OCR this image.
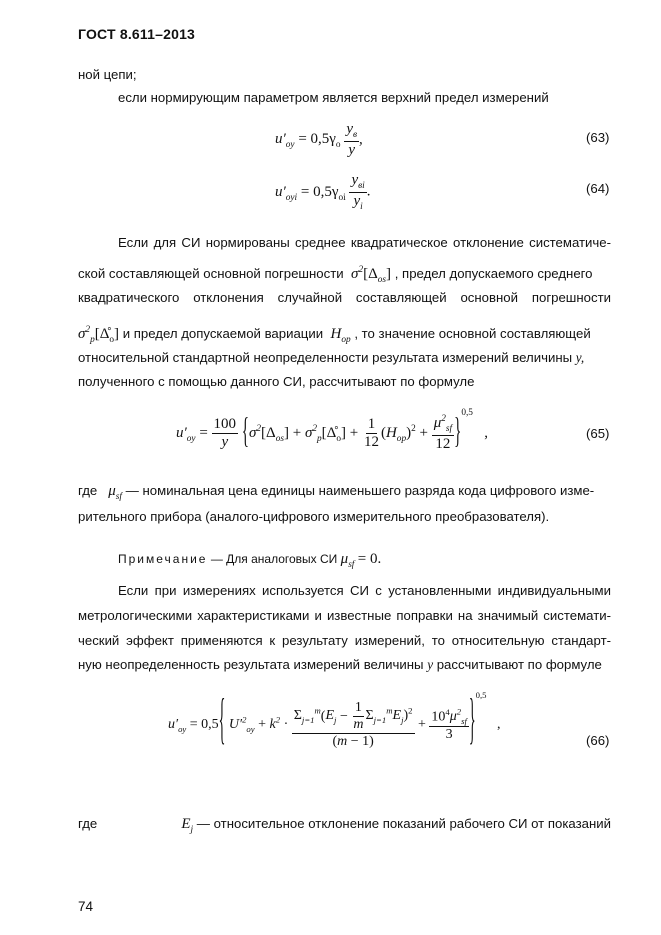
ГОСТ 8.611–2013
ной цепи;
если нормирующим параметром является верхний предел измерений
$u'_{oy} = 0,5\gamma_o \frac{y_в}{y}$ ,	(63)
$u'_{oyi} = 0,5\gamma_{oi} \frac{y_{вi}}{y_i}$ .	(64)
Если для СИ нормированы среднее квадратическое отклонение систематиче-
ской составляющей основной погрешности  $\sigma^2[\Delta_{os}]$ , предел допускаемого среднего
квадратического отклонения случайной составляющей основной погрешности
$\sigma^2_p[\Deltå_o]$ и предел допускаемой вариации  $H_{op}$ , то значение основной составляющей
относительной стандартной неопределенности результата измерений величины y,
полученного с помощью данного СИ, рассчитывают по формуле
$u'_{oy} = \frac{100}{y} \{\sigma^2[\Delta_{os}]$ + $\sigma^2_p[\Deltå_o] + \frac{1}{12} (H_{op})^2 + \frac{\mu^2_{sf}}{12} \}^{0,5}$   ,	(65)
где $\mu_{sf}$ — номинальная цена единицы наименьшего разряда кода цифрового изме-
рительного прибора (аналого-цифрового измерительного преобразователя).
Примечание — Для аналоговых СИ $\mu_{sf} = 0$.
Если при измерениях используется СИ с установленными индивидуальными
метрологическими характеристиками и известные поправки на значимый системати-
ческий эффект применяются к результату измерений, то относительную стандарт-
ную неопределенность результата измерений величины y рассчитывают по формуле
$u'_{oy} = 0,5${ $U'^2_{oy} + k^2 \cdot \frac{\Sigma_{j=1}^m(E_j - \frac{1}{m} \Sigma_{j=1}^mE_j)^2}{(m - 1)} + \frac{10^4\mu^2_{sf}}{3} \}^{0,5}$   ,
(66)
где	$E_j$ — относительное отклонение показаний рабочего СИ от показаний
74
